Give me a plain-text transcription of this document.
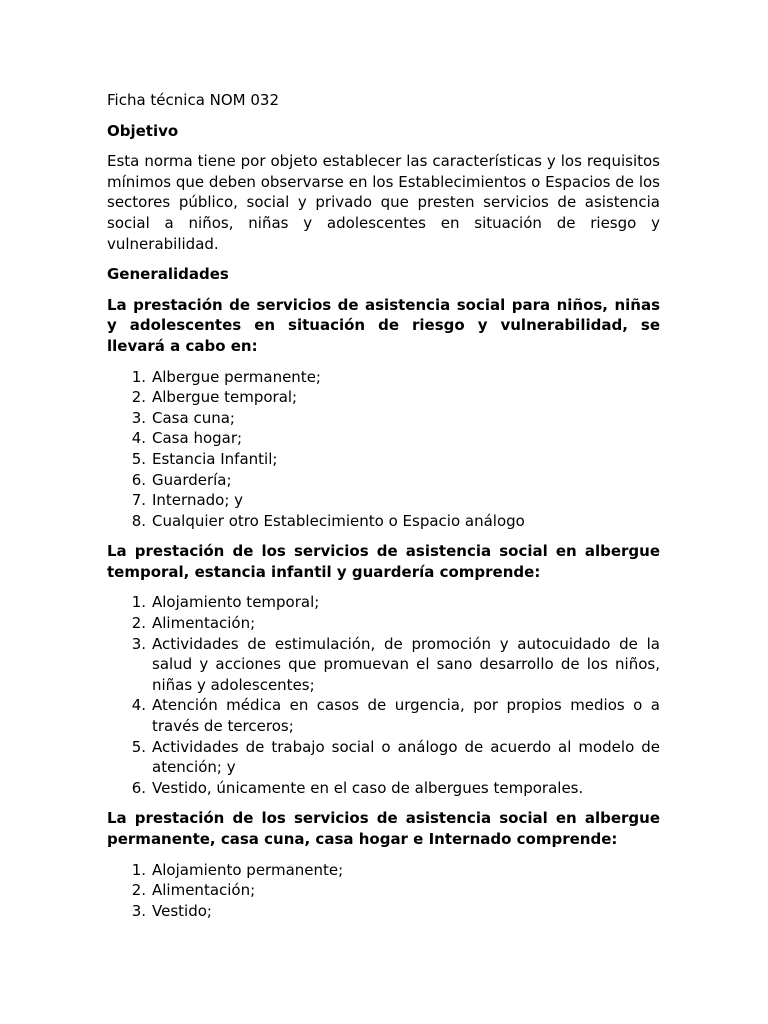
Ficha técnica NOM 032

Objetivo

Esta norma tiene por objeto establecer las características y los requisitos mínimos que deben observarse en los Establecimientos o Espacios de los sectores público, social y privado que presten servicios de asistencia social a niños, niñas y adolescentes en situación de riesgo y vulnerabilidad.

Generalidades

La prestación de servicios de asistencia social para niños, niñas y adolescentes en situación de riesgo y vulnerabilidad, se llevará a cabo en:

1. Albergue permanente;
2. Albergue temporal;
3. Casa cuna;
4. Casa hogar;
5. Estancia Infantil;
6. Guardería;
7. Internado; y
8. Cualquier otro Establecimiento o Espacio análogo

La prestación de los servicios de asistencia social en albergue temporal, estancia infantil y guardería comprende:

1. Alojamiento temporal;
2. Alimentación;
3. Actividades de estimulación, de promoción y autocuidado de la salud y acciones que promuevan el sano desarrollo de los niños, niñas y adolescentes;
4. Atención médica en casos de urgencia, por propios medios o a través de terceros;
5. Actividades de trabajo social o análogo de acuerdo al modelo de atención; y
6. Vestido, únicamente en el caso de albergues temporales.

La prestación de los servicios de asistencia social en albergue permanente, casa cuna, casa hogar e Internado comprende:

1. Alojamiento permanente;
2. Alimentación;
3. Vestido;
